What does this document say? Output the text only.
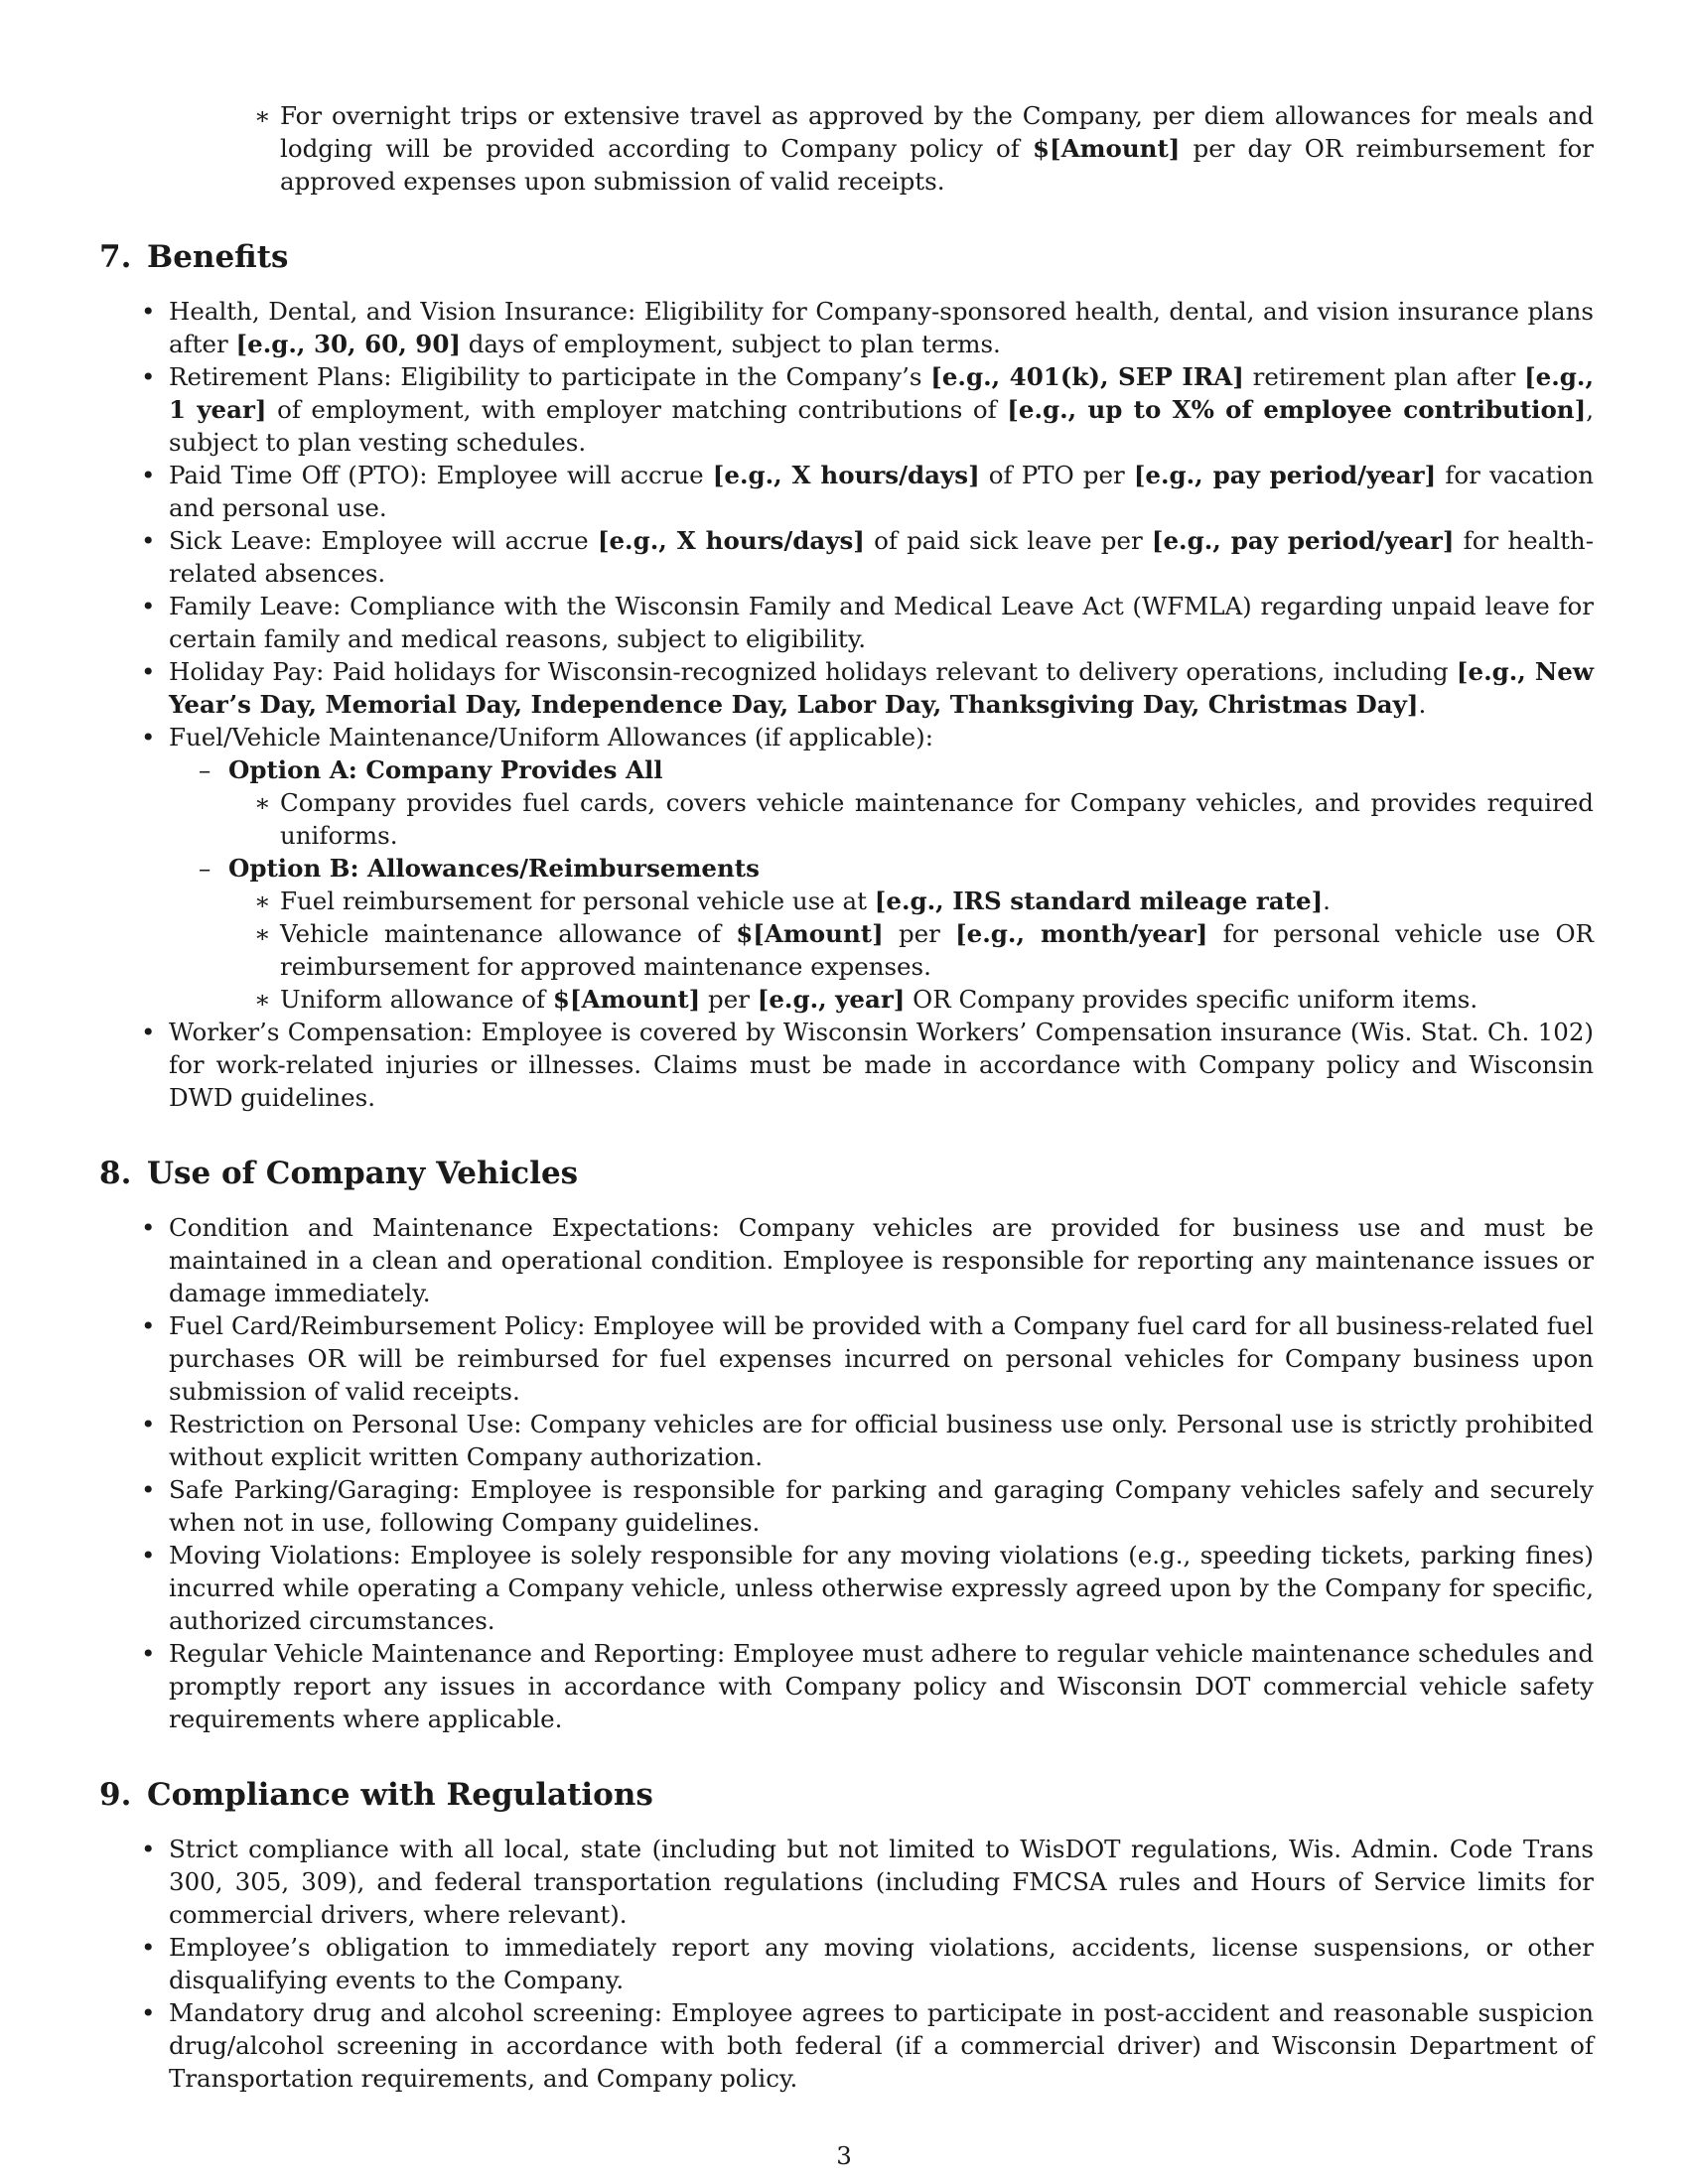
∗ For overnight trips or extensive travel as approved by the Company, per diem allowances for meals and lodging will be provided according to Company policy of $[Amount] per day OR reimbursement for approved expenses upon submission of valid receipts.
7. Benefits
• Health, Dental, and Vision Insurance: Eligibility for Company-sponsored health, dental, and vision insurance plans after [e.g., 30, 60, 90] days of employment, subject to plan terms.
• Retirement Plans: Eligibility to participate in the Company’s [e.g., 401(k), SEP IRA] retirement plan after [e.g., 1 year] of employment, with employer matching contributions of [e.g., up to X% of employee contribution], subject to plan vesting schedules.
• Paid Time Off (PTO): Employee will accrue [e.g., X hours/days] of PTO per [e.g., pay period/year] for vacation and personal use.
• Sick Leave: Employee will accrue [e.g., X hours/days] of paid sick leave per [e.g., pay period/year] for health-related absences.
• Family Leave: Compliance with the Wisconsin Family and Medical Leave Act (WFMLA) regarding unpaid leave for certain family and medical reasons, subject to eligibility.
• Holiday Pay: Paid holidays for Wisconsin-recognized holidays relevant to delivery operations, including [e.g., New Year’s Day, Memorial Day, Independence Day, Labor Day, Thanksgiving Day, Christmas Day].
• Fuel/Vehicle Maintenance/Uniform Allowances (if applicable):
– Option A: Company Provides All
∗ Company provides fuel cards, covers vehicle maintenance for Company vehicles, and provides required uniforms.
– Option B: Allowances/Reimbursements
∗ Fuel reimbursement for personal vehicle use at [e.g., IRS standard mileage rate].
∗ Vehicle maintenance allowance of $[Amount] per [e.g., month/year] for personal vehicle use OR reimbursement for approved maintenance expenses.
∗ Uniform allowance of $[Amount] per [e.g., year] OR Company provides specific uniform items.
• Worker’s Compensation: Employee is covered by Wisconsin Workers’ Compensation insurance (Wis. Stat. Ch. 102) for work-related injuries or illnesses. Claims must be made in accordance with Company policy and Wisconsin DWD guidelines.
8. Use of Company Vehicles
• Condition and Maintenance Expectations: Company vehicles are provided for business use and must be maintained in a clean and operational condition. Employee is responsible for reporting any maintenance issues or damage immediately.
• Fuel Card/Reimbursement Policy: Employee will be provided with a Company fuel card for all business-related fuel purchases OR will be reimbursed for fuel expenses incurred on personal vehicles for Company business upon submission of valid receipts.
• Restriction on Personal Use: Company vehicles are for official business use only. Personal use is strictly prohibited without explicit written Company authorization.
• Safe Parking/Garaging: Employee is responsible for parking and garaging Company vehicles safely and securely when not in use, following Company guidelines.
• Moving Violations: Employee is solely responsible for any moving violations (e.g., speeding tickets, parking fines) incurred while operating a Company vehicle, unless otherwise expressly agreed upon by the Company for specific, authorized circumstances.
• Regular Vehicle Maintenance and Reporting: Employee must adhere to regular vehicle maintenance schedules and promptly report any issues in accordance with Company policy and Wisconsin DOT commercial vehicle safety requirements where applicable.
9. Compliance with Regulations
• Strict compliance with all local, state (including but not limited to WisDOT regulations, Wis. Admin. Code Trans 300, 305, 309), and federal transportation regulations (including FMCSA rules and Hours of Service limits for commercial drivers, where relevant).
• Employee’s obligation to immediately report any moving violations, accidents, license suspensions, or other disqualifying events to the Company.
• Mandatory drug and alcohol screening: Employee agrees to participate in post-accident and reasonable suspicion drug/alcohol screening in accordance with both federal (if a commercial driver) and Wisconsin Department of Transportation requirements, and Company policy.
3
